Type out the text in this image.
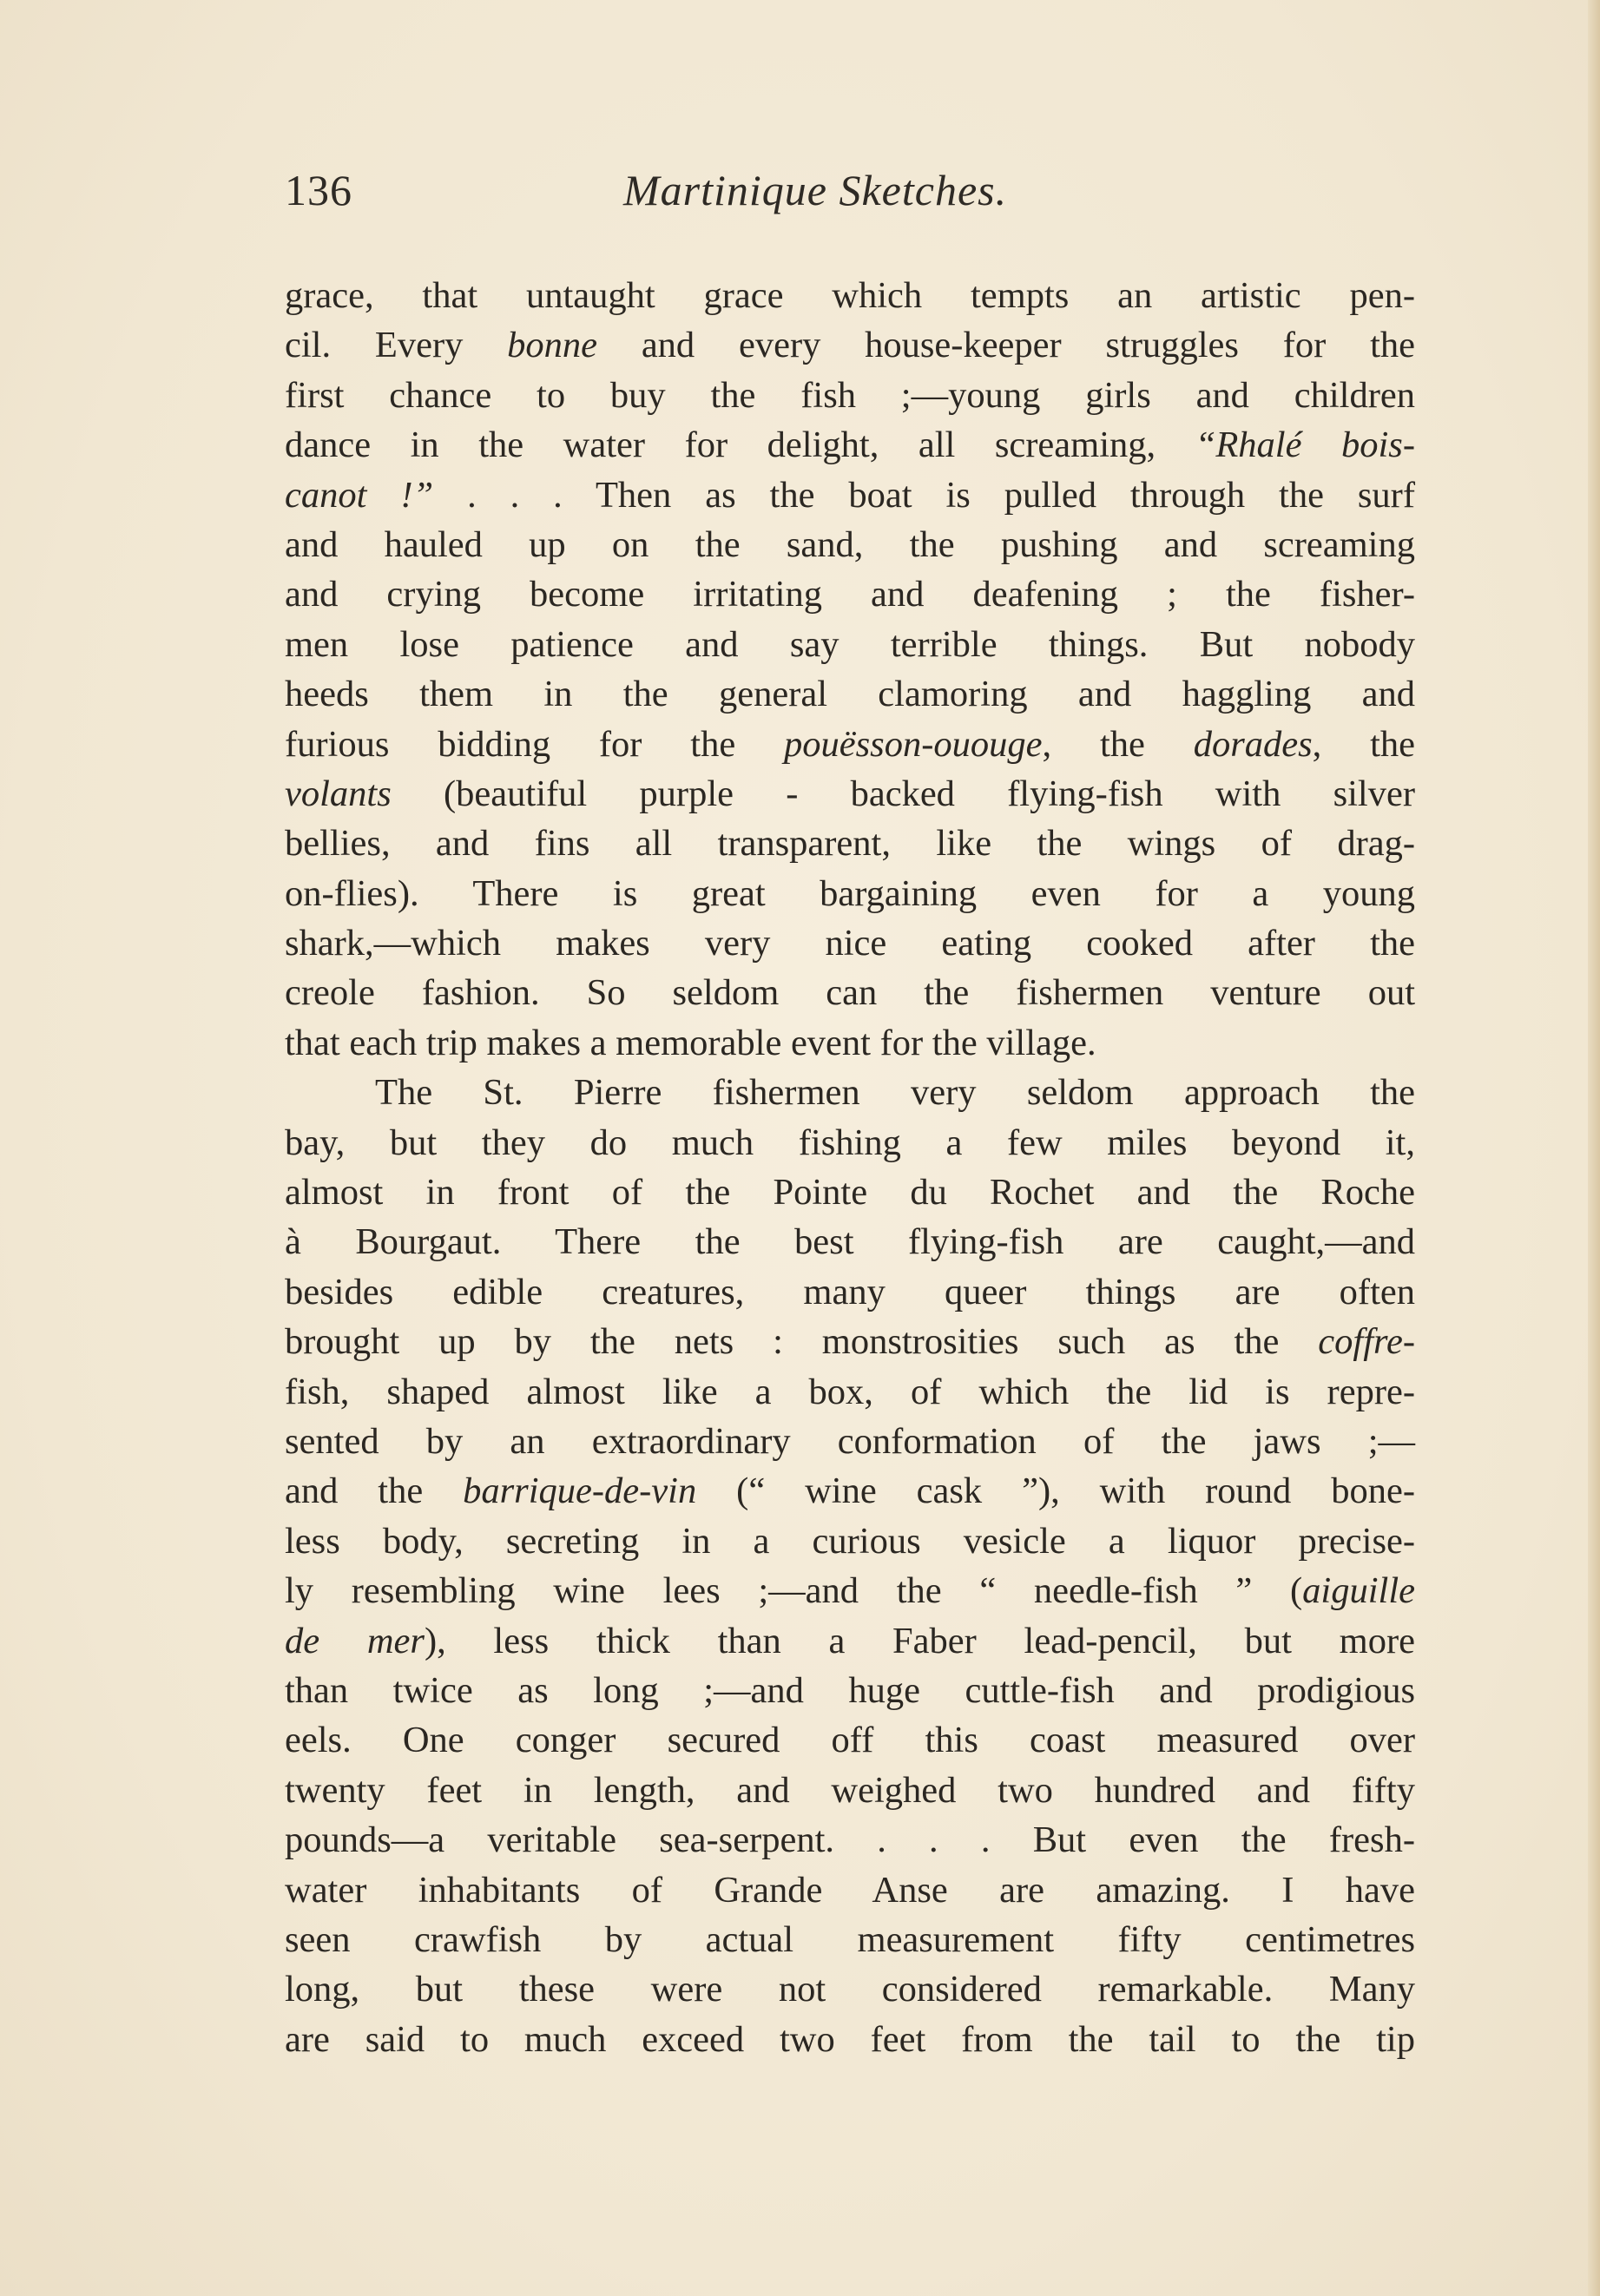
136	Martinique Sketches.
grace, that untaught grace which tempts an artistic pen-
cil. Every bonne and every house-keeper struggles for the
first chance to buy the fish ;—young girls and children
dance in the water for delight, all screaming, “Rhalé bois-
canot !” . . . Then as the boat is pulled through the surf
and hauled up on the sand, the pushing and screaming
and crying become irritating and deafening ; the fisher-
men lose patience and say terrible things. But nobody
heeds them in the general clamoring and haggling and
furious bidding for the pouësson-ououge, the dorades, the
volants (beautiful purple - backed flying-fish with silver
bellies, and fins all transparent, like the wings of drag-
on-flies). There is great bargaining even for a young
shark,—which makes very nice eating cooked after the
creole fashion. So seldom can the fishermen venture out
that each trip makes a memorable event for the village.
The St. Pierre fishermen very seldom approach the
bay, but they do much fishing a few miles beyond it,
almost in front of the Pointe du Rochet and the Roche
à Bourgaut. There the best flying-fish are caught,—and
besides edible creatures, many queer things are often
brought up by the nets : monstrosities such as the coffre-
fish, shaped almost like a box, of which the lid is repre-
sented by an extraordinary conformation of the jaws ;—
and the barrique-de-vin (“ wine cask ”), with round bone-
less body, secreting in a curious vesicle a liquor precise-
ly resembling wine lees ;—and the “ needle-fish ” (aiguille
de mer), less thick than a Faber lead-pencil, but more
than twice as long ;—and huge cuttle-fish and prodigious
eels. One conger secured off this coast measured over
twenty feet in length, and weighed two hundred and fifty
pounds—a veritable sea-serpent. . . . But even the fresh-
water inhabitants of Grande Anse are amazing. I have
seen crawfish by actual measurement fifty centimetres
long, but these were not considered remarkable. Many
are said to much exceed two feet from the tail to the tip
